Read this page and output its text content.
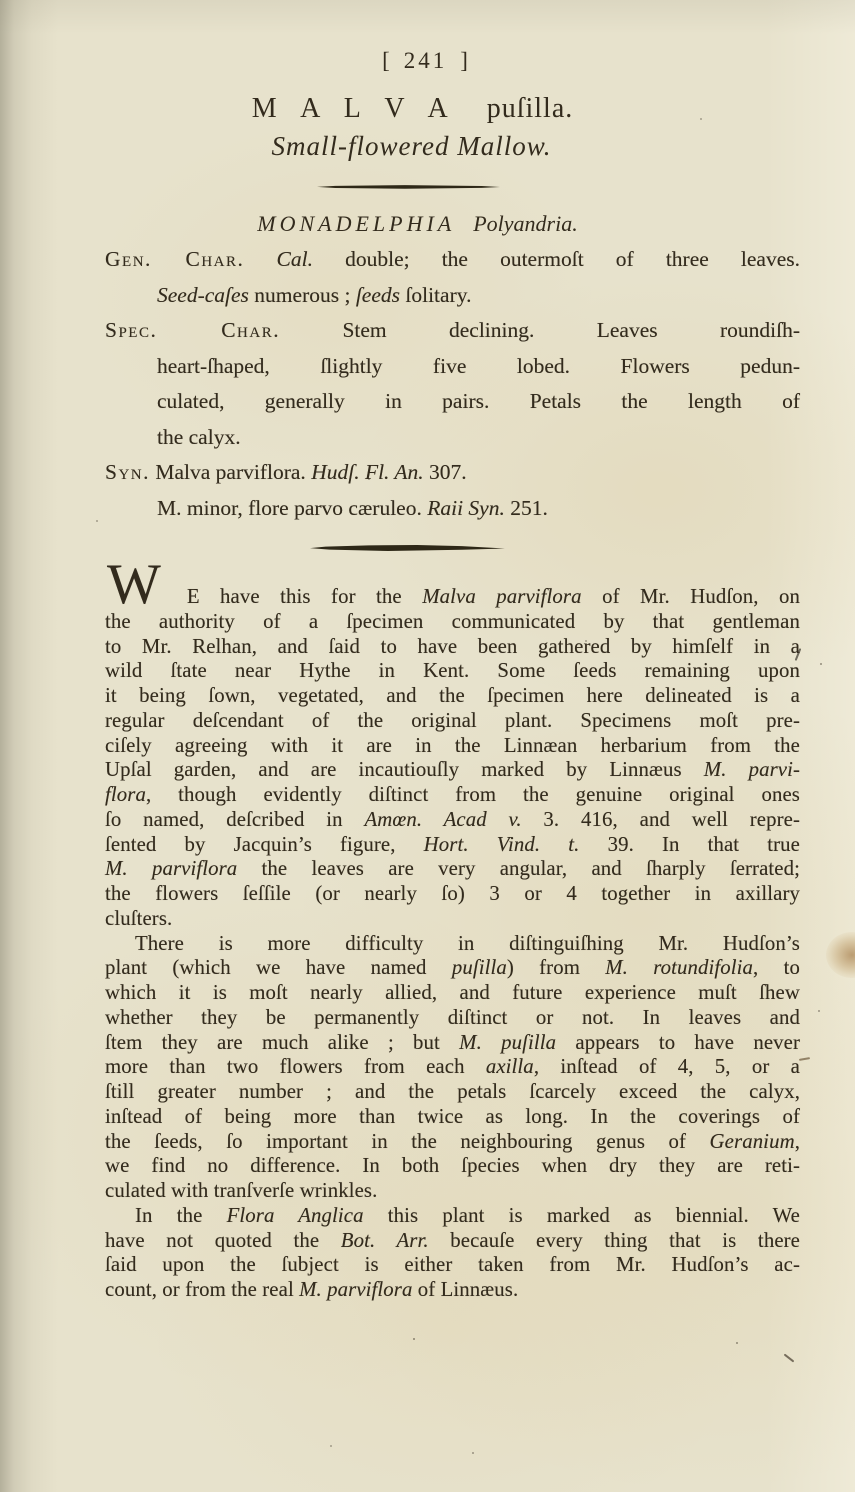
[ 241 ]
M A L V A puſilla.
Small-flowered Mallow.
MONADELPHIA Polyandria.
Gen. Char. Cal. double; the outermoſt of three leaves.
Seed-caſes numerous ; ſeeds ſolitary.
Spec. Char. Stem declining. Leaves roundiſh-
heart-ſhaped, ſlightly five lobed. Flowers pedun-
culated, generally in pairs. Petals the length of
the calyx.
Syn. Malva parviflora. Hudſ. Fl. An. 307.
M. minor, flore parvo cæruleo. Raii Syn. 251.
W E have this for the Malva parviflora of Mr. Hudſon, on
the authority of a ſpecimen communicated by that gentleman
to Mr. Relhan, and ſaid to have been gathered by himſelf in a
wild ſtate near Hythe in Kent. Some ſeeds remaining upon
it being ſown, vegetated, and the ſpecimen here delineated is a
regular deſcendant of the original plant. Specimens moſt pre-
ciſely agreeing with it are in the Linnæan herbarium from the
Upſal garden, and are incautiouſly marked by Linnæus M. parvi-
flora, though evidently diſtinct from the genuine original ones
ſo named, deſcribed in Amœn. Acad v. 3. 416, and well repre-
ſented by Jacquin’s figure, Hort. Vind. t. 39. In that true
M. parviflora the leaves are very angular, and ſharply ſerrated;
the flowers ſeſſile (or nearly ſo) 3 or 4 together in axillary
cluſters.
There is more difficulty in diſtinguiſhing Mr. Hudſon’s
plant (which we have named puſilla) from M. rotundifolia, to
which it is moſt nearly allied, and future experience muſt ſhew
whether they be permanently diſtinct or not. In leaves and
ſtem they are much alike ; but M. puſilla appears to have never
more than two flowers from each axilla, inſtead of 4, 5, or a
ſtill greater number ; and the petals ſcarcely exceed the calyx,
inſtead of being more than twice as long. In the coverings of
the ſeeds, ſo important in the neighbouring genus of Geranium,
we find no difference. In both ſpecies when dry they are reti-
culated with tranſverſe wrinkles.
In the Flora Anglica this plant is marked as biennial. We
have not quoted the Bot. Arr. becauſe every thing that is there
ſaid upon the ſubject is either taken from Mr. Hudſon’s ac-
count, or from the real M. parviflora of Linnæus.
